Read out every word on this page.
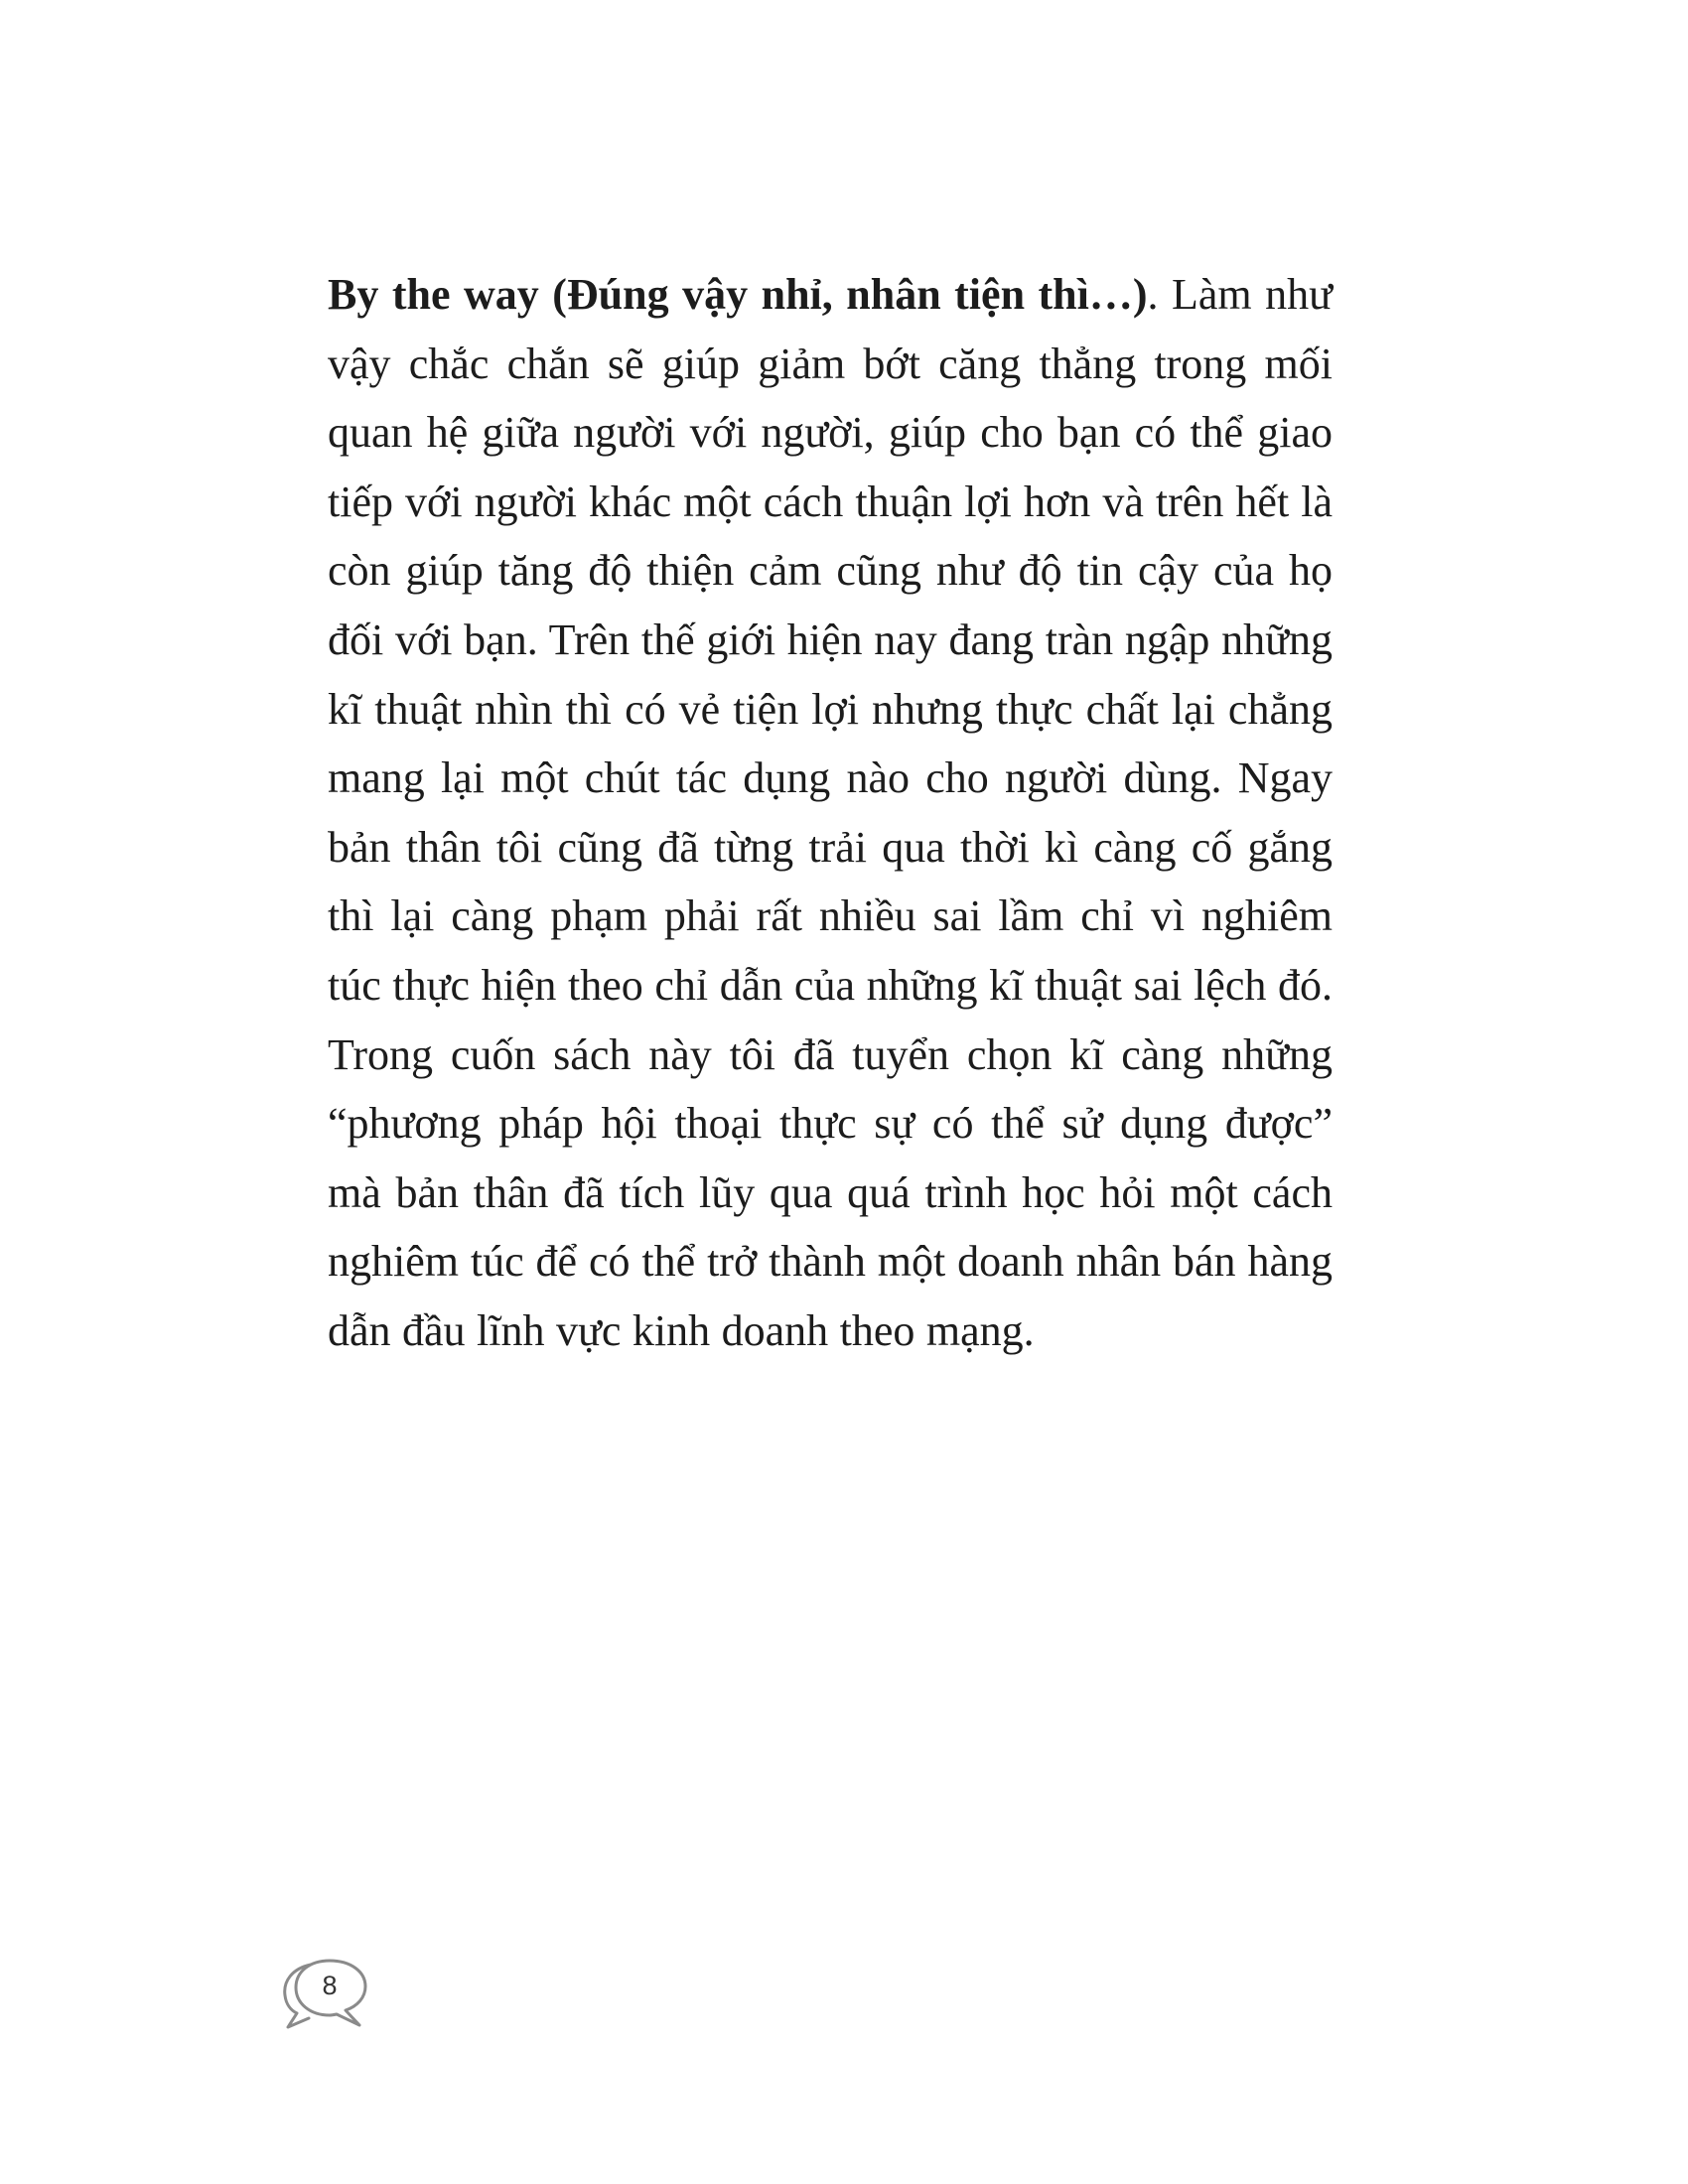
By the way (Đúng vậy nhỉ, nhân tiện thì…). Làm như vậy chắc chắn sẽ giúp giảm bớt căng thẳng trong mối quan hệ giữa người với người, giúp cho bạn có thể giao tiếp với người khác một cách thuận lợi hơn và trên hết là còn giúp tăng độ thiện cảm cũng như độ tin cậy của họ đối với bạn. Trên thế giới hiện nay đang tràn ngập những kĩ thuật nhìn thì có vẻ tiện lợi nhưng thực chất lại chẳng mang lại một chút tác dụng nào cho người dùng. Ngay bản thân tôi cũng đã từng trải qua thời kì càng cố gắng thì lại càng phạm phải rất nhiều sai lầm chỉ vì nghiêm túc thực hiện theo chỉ dẫn của những kĩ thuật sai lệch đó. Trong cuốn sách này tôi đã tuyển chọn kĩ càng những “phương pháp hội thoại thực sự có thể sử dụng được” mà bản thân đã tích lũy qua quá trình học hỏi một cách nghiêm túc để có thể trở thành một doanh nhân bán hàng dẫn đầu lĩnh vực kinh doanh theo mạng.

8
